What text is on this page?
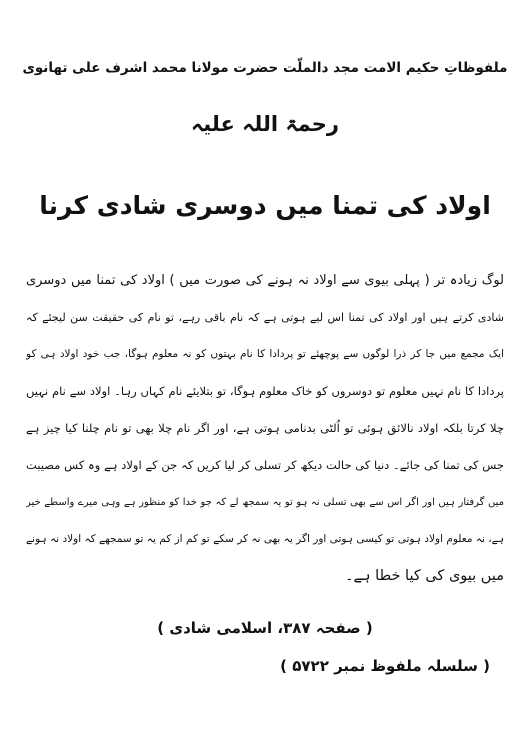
ملفوظاتِ حکیم الامت مجد دالملّت حضرت مولانا محمد اشرف علی تھانوی
رحمۃ اللہ علیہ
اولاد کی تمنا میں دوسری شادی کرنا
لوگ زیادہ تر ( پہلی بیوی سے اولاد نہ ہونے کی صورت میں ) اولاد کی تمنا میں دوسری
شادی کرتے ہیں اور اولاد کی تمنا اس لیے ہوتی ہے کہ نام باقی رہے، تو نام کی حقیقت سن لیجئے کہ
ایک مجمع میں جا کر ذرا لوگوں سے پوچھئے تو پردادا کا نام بہتوں کو نہ معلوم ہوگا، جب خود اولاد ہی کو
پردادا کا نام نہیں معلوم تو دوسروں کو خاک معلوم ہوگا، تو بتلایئے نام کہاں رہا۔ اولاد سے نام نہیں
چلا کرتا بلکہ اولاد نالائق ہوئی تو اُلٹی بدنامی ہوتی ہے، اور اگر نام چلا بھی تو نام چلنا کیا چیز ہے
جس کی تمنا کی جائے۔ دنیا کی حالت دیکھ کر تسلی کر لیا کریں کہ جن کے اولاد ہے وہ کس مصیبت
میں گرفتار ہیں اور اگر اس سے بھی تسلی نہ ہو تو یہ سمجھ لے کہ جو خدا کو منظور ہے وہی میرے واسطے خیر
ہے، نہ معلوم اولاد ہوتی تو کیسی ہوتی اور اگر یہ بھی نہ کر سکے تو کم از کم یہ تو سمجھے کہ اولاد نہ ہونے
میں بیوی کی کیا خطا ہے۔
( صفحہ ۳۸۷، اسلامی شادی )
( سلسلہ ملفوظ نمبر ۵۷۲۲ )
